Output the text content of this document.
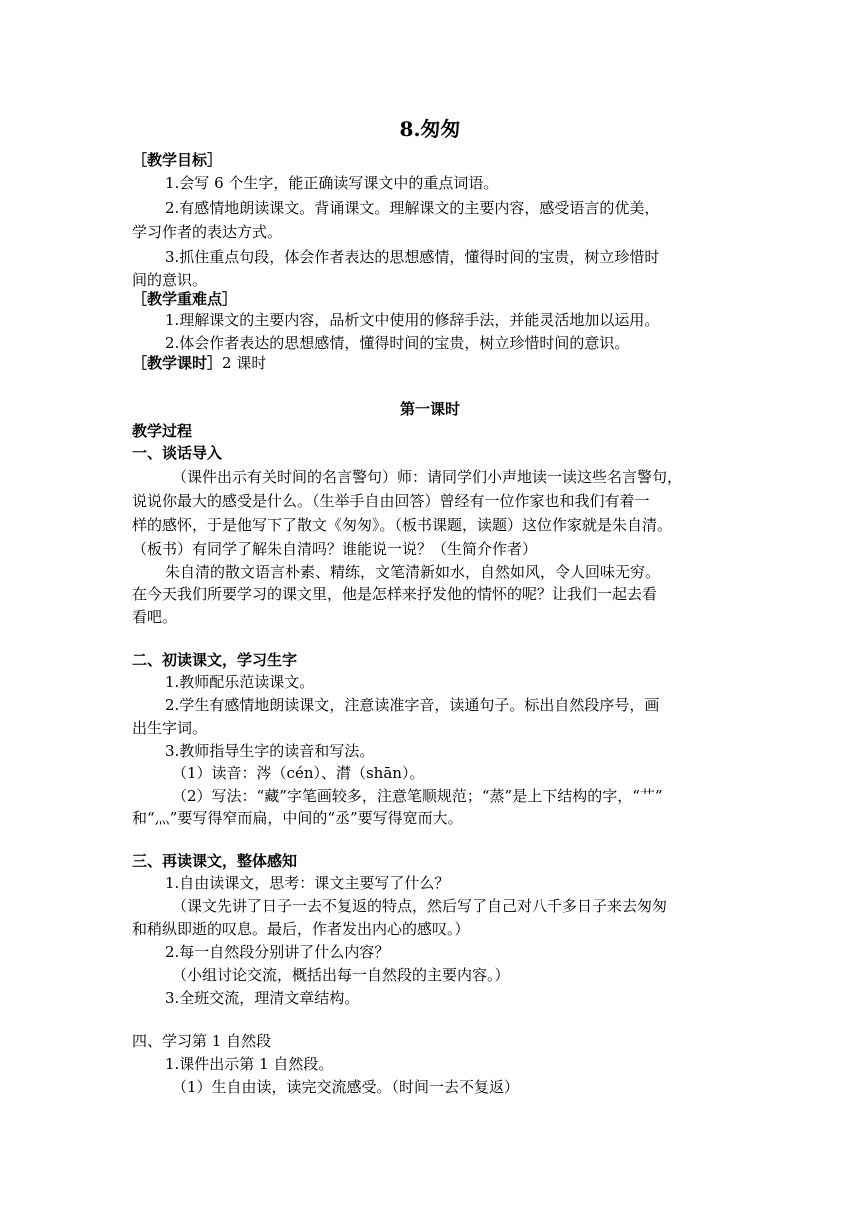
8.匆匆
［教学目标］
1.会写 6 个生字，能正确读写课文中的重点词语。
2.有感情地朗读课文。背诵课文。理解课文的主要内容，感受语言的优美，
学习作者的表达方式。
3.抓住重点句段，体会作者表达的思想感情，懂得时间的宝贵，树立珍惜时
间的意识。
［教学重难点］
1.理解课文的主要内容，品析文中使用的修辞手法，并能灵活地加以运用。
2.体会作者表达的思想感情，懂得时间的宝贵，树立珍惜时间的意识。
［教学课时］2 课时
第一课时
教学过程
一、谈话导入
（课件出示有关时间的名言警句）师：请同学们小声地读一读这些名言警句，
说说你最大的感受是什么。（生举手自由回答）曾经有一位作家也和我们有着一
样的感怀，于是他写下了散文《匆匆》。（板书课题，读题）这位作家就是朱自清。
（板书）有同学了解朱自清吗？谁能说一说？（生简介作者）
朱自清的散文语言朴素、精练，文笔清新如水，自然如风，令人回味无穷。
在今天我们所要学习的课文里，他是怎样来抒发他的情怀的呢？让我们一起去看
看吧。
二、初读课文，学习生字
1.教师配乐范读课文。
2.学生有感情地朗读课文，注意读准字音，读通句子。标出自然段序号，画
出生字词。
3.教师指导生字的读音和写法。
（1）读音：涔（cén）、潸（shān）。
（2）写法：“藏”字笔画较多，注意笔顺规范；“蒸”是上下结构的字，“艹”
和“灬”要写得窄而扁，中间的“丞”要写得宽而大。
三、再读课文，整体感知
1.自由读课文，思考：课文主要写了什么？
（课文先讲了日子一去不复返的特点，然后写了自己对八千多日子来去匆匆
和稍纵即逝的叹息。最后，作者发出内心的感叹。）
2.每一自然段分别讲了什么内容？
（小组讨论交流，概括出每一自然段的主要内容。）
3.全班交流，理清文章结构。
四、学习第 1 自然段
1.课件出示第 1 自然段。
（1）生自由读，读完交流感受。（时间一去不复返）
